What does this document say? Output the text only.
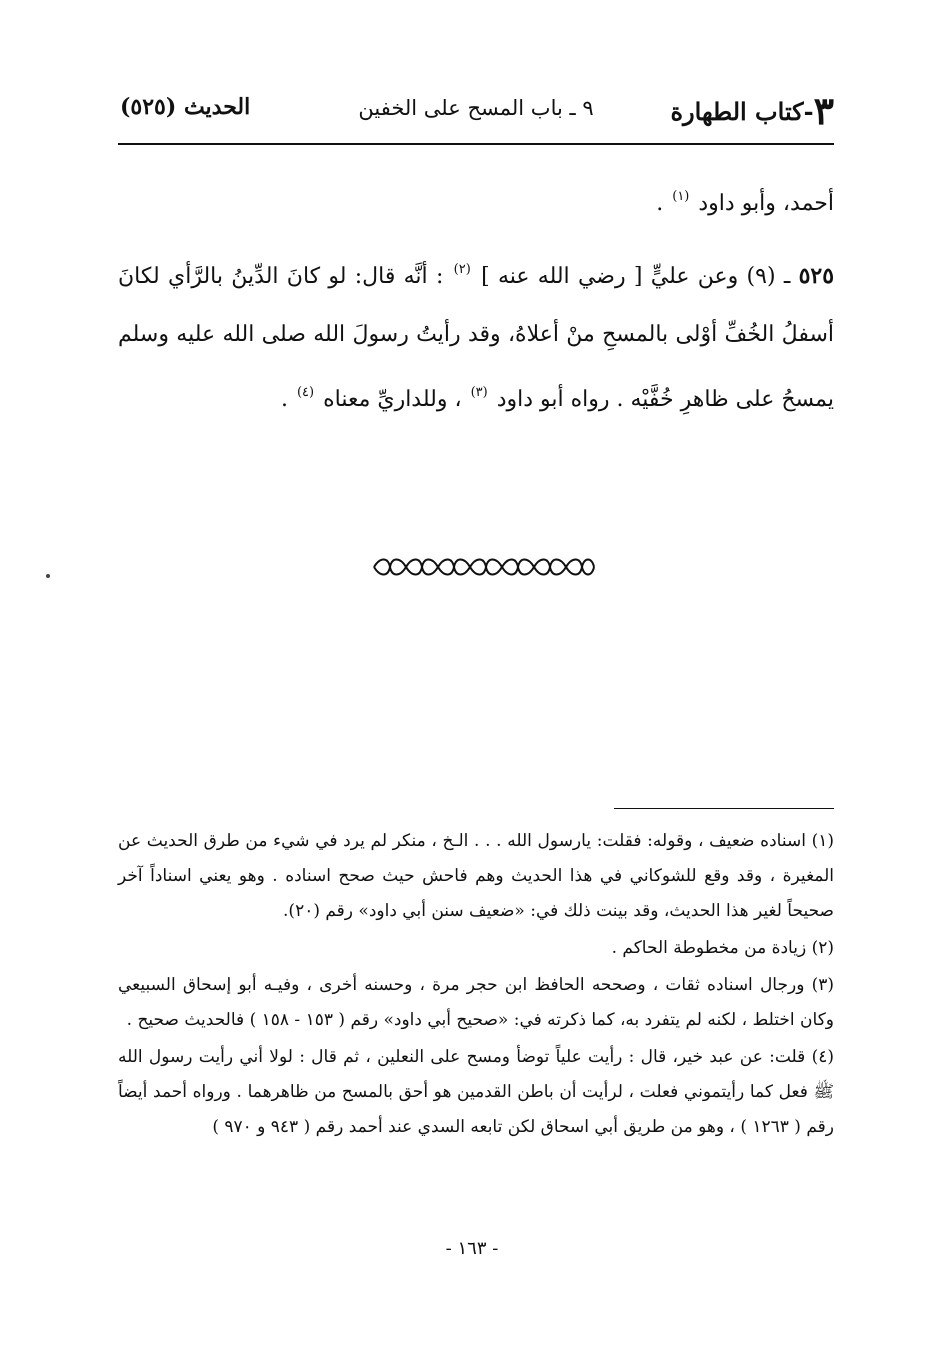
٣-كتاب الطهارة
٩ ـ باب المسح على الخفين
الحديث (٥٢٥)

أحمد، وأبو داود $^{(١)}$ .

٥٢٥ ـ (٩) وعن عليٍّ [ رضي الله عنه ] $^{(٢)}$ : أنَّه قال: لو كانَ الدِّينُ بالرَّأي لكانَ أسفلُ الخُفِّ أوْلى بالمسحِ منْ أعلاهُ، وقد رأيتُ رسولَ الله صلى الله عليه وسلم يمسحُ على ظاهرِ خُفَّيْه . رواه أبو داود $^{(٣)}$ ، وللداريِّ معناه $^{(٤)}$ .

(١) اسناده ضعيف ، وقوله: فقلت: يارسول الله . . . الـخ ، منكر لم يرد في شيء من طرق الحديث عن المغيرة ، وقد وقع للشوكاني في هذا الحديث وهم فاحش حيث صحح اسناده . وهو يعني اسناداً آخر صحيحاً لغير هذا الحديث، وقد بينت ذلك في: «ضعيف سنن أبي داود» رقم (٢٠).

(٢) زيادة من مخطوطة الحاكم .

(٣) ورجال اسناده ثقات ، وصححه الحافظ ابن حجر مرة ، وحسنه أخرى ، وفيـه أبو إسحاق السبيعي وكان اختلط ، لكنه لم يتفرد به، كما ذكرته في: «صحيح أبي داود» رقم ( ١٥٣ - ١٥٨ ) فالحديث صحيح .

(٤) قلت: عن عبد خير، قال : رأيت علياً توضأ ومسح على النعلين ، ثم قال : لولا أني رأيت رسول الله ﷺ فعل كما رأيتموني فعلت ، لرأيت أن باطن القدمين هو أحق بالمسح من ظاهرهما . ورواه أحمد أيضاً رقم ( ١٢٦٣ ) ، وهو من طريق أبي اسحاق لكن تابعه السدي عند أحمد رقم ( ٩٤٣ و ٩٧٠ )

- ١٦٣ -
